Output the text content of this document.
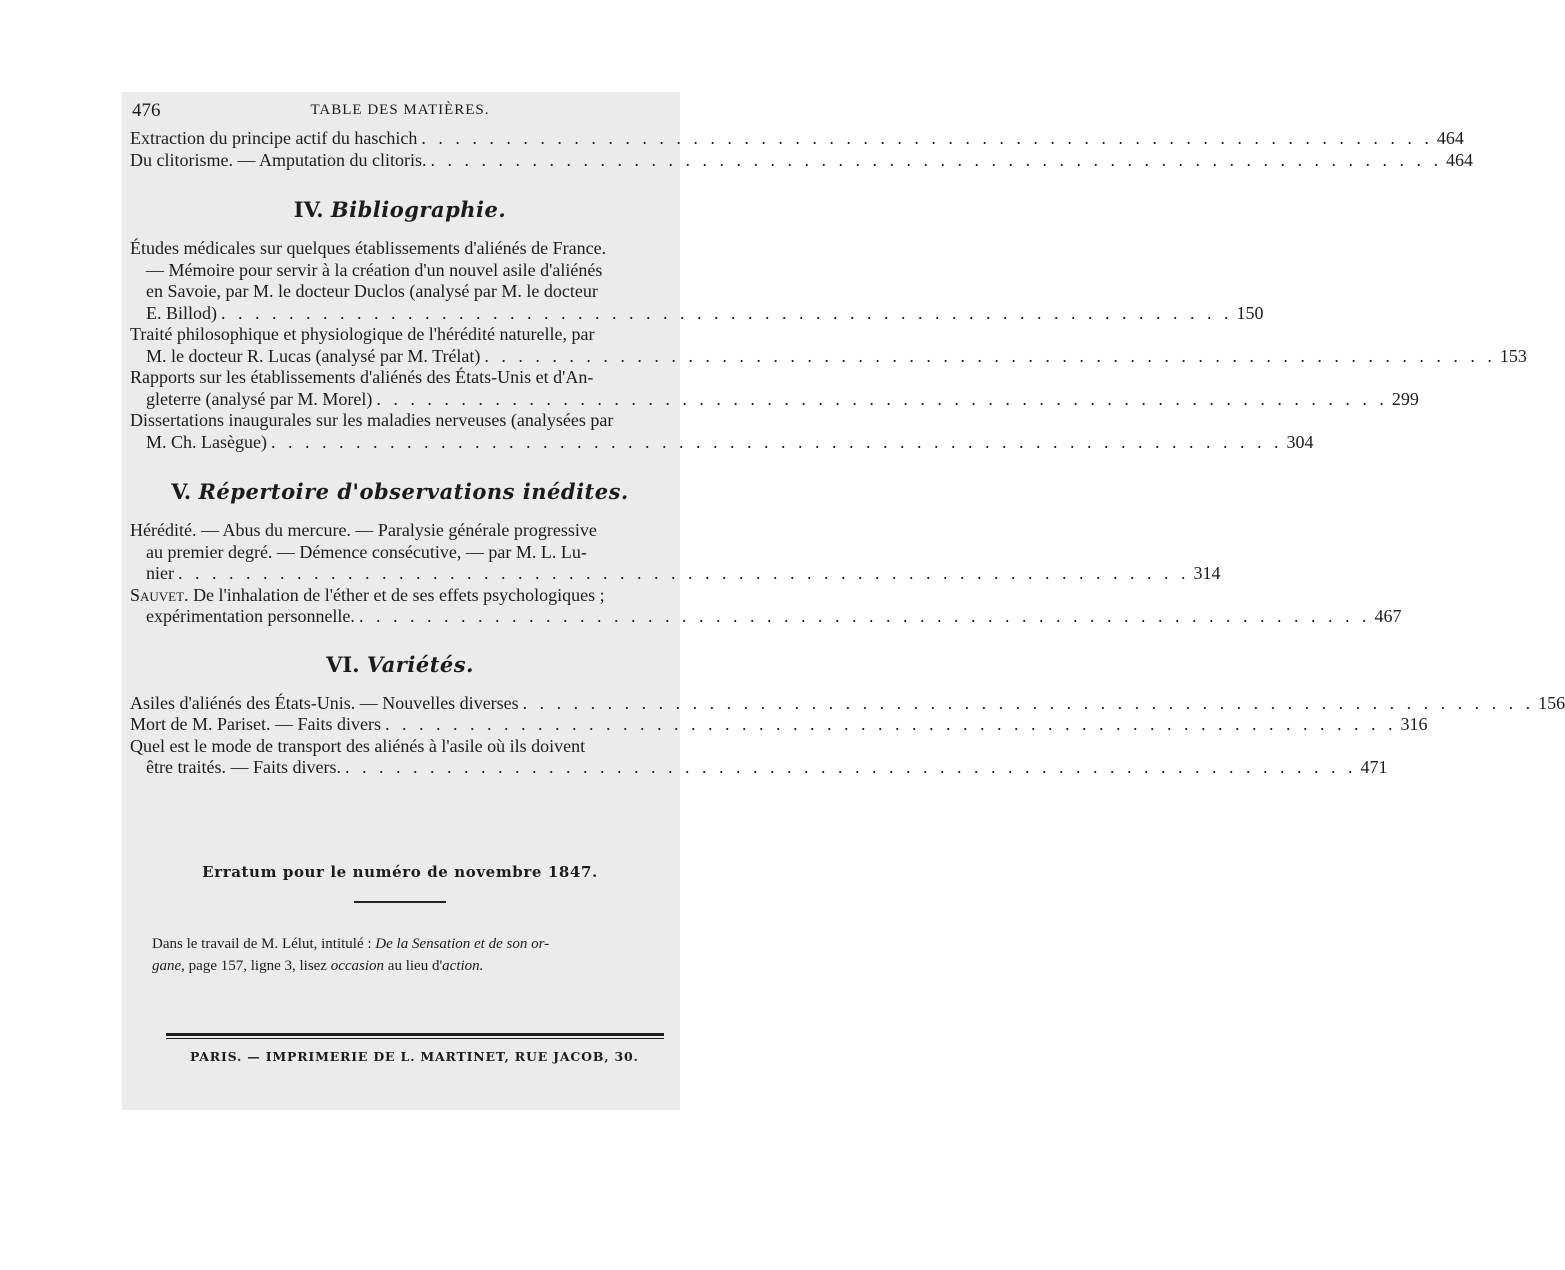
476	TABLE DES MATIÈRES.
Extraction du principe actif du haschich . . .	464
Du clitorisme. — Amputation du clitoris. . . .	464

IV. Bibliographie.

Études médicales sur quelques établissements d'aliénés de France.
— Mémoire pour servir à la création d'un nouvel asile d'aliénés
en Savoie, par M. le docteur Duclos (analysé par M. le docteur
E. Billod) . . .	150
Traité philosophique et physiologique de l'hérédité naturelle, par
M. le docteur R. Lucas (analysé par M. Trélat) . . .	153
Rapports sur les établissements d'aliénés des États-Unis et d'An-
gleterre (analysé par M. Morel) . . .	299
Dissertations inaugurales sur les maladies nerveuses (analysées par
M. Ch. Lasègue) . . .	304

V. Répertoire d'observations inédites.

Hérédité. — Abus du mercure. — Paralysie générale progressive
au premier degré. — Démence consécutive, — par M. L. Lu-
nier . . .	314
Sauvet. De l'inhalation de l'éther et de ses effets psychologiques ;
expérimentation personnelle. . . .	467

VI. Variétés.

Asiles d'aliénés des États-Unis. — Nouvelles diverses . . .	156
Mort de M. Pariset. — Faits divers . . .	316
Quel est le mode de transport des aliénés à l'asile où ils doivent
être traités. — Faits divers. . . .	471

Erratum pour le numéro de novembre 1847.

Dans le travail de M. Lélut, intitulé : De la Sensation et de son or-
gane, page 157, ligne 3, lisez occasion au lieu d'action.

PARIS. — IMPRIMERIE DE L. MARTINET, RUE JACOB, 30.
